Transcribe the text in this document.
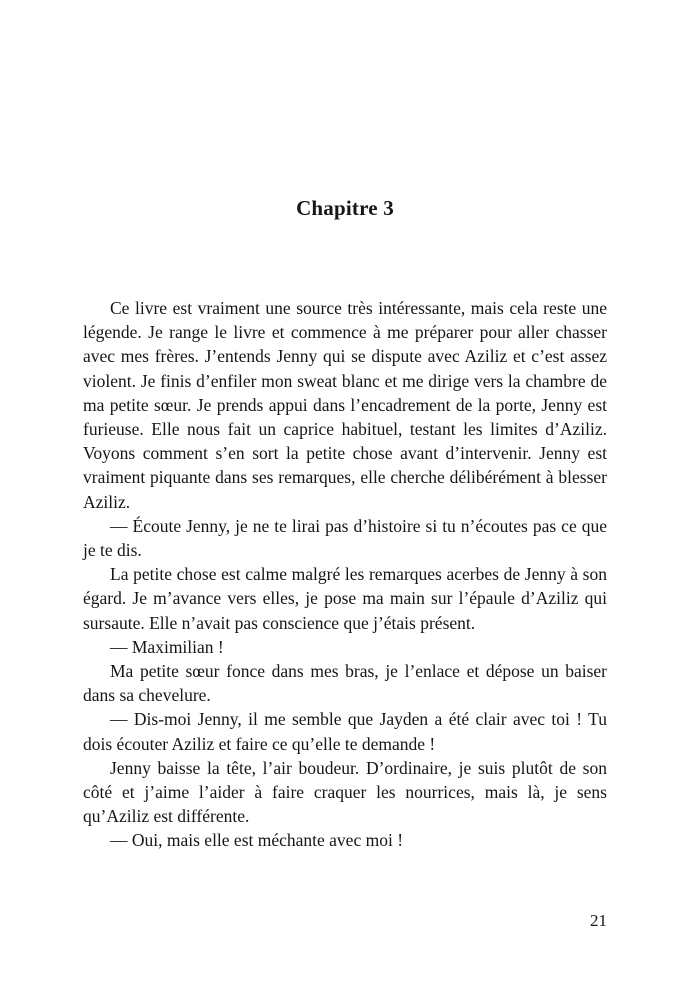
Chapitre 3

Ce livre est vraiment une source très intéressante, mais cela reste une légende. Je range le livre et commence à me préparer pour aller chasser avec mes frères. J’entends Jenny qui se dispute avec Aziliz et c’est assez violent. Je finis d’enfiler mon sweat blanc et me dirige vers la chambre de ma petite sœur. Je prends appui dans l’encadrement de la porte, Jenny est furieuse. Elle nous fait un caprice habituel, testant les limites d’Aziliz. Voyons comment s’en sort la petite chose avant d’intervenir. Jenny est vraiment piquante dans ses remarques, elle cherche délibérément à blesser Aziliz.

— Écoute Jenny, je ne te lirai pas d’histoire si tu n’écoutes pas ce que je te dis.

La petite chose est calme malgré les remarques acerbes de Jenny à son égard. Je m’avance vers elles, je pose ma main sur l’épaule d’Aziliz qui sursaute. Elle n’avait pas conscience que j’étais présent.

— Maximilian !

Ma petite sœur fonce dans mes bras, je l’enlace et dépose un baiser dans sa chevelure.

— Dis-moi Jenny, il me semble que Jayden a été clair avec toi ! Tu dois écouter Aziliz et faire ce qu’elle te demande !

Jenny baisse la tête, l’air boudeur. D’ordinaire, je suis plutôt de son côté et j’aime l’aider à faire craquer les nourrices, mais là, je sens qu’Aziliz est différente.

— Oui, mais elle est méchante avec moi !

21
